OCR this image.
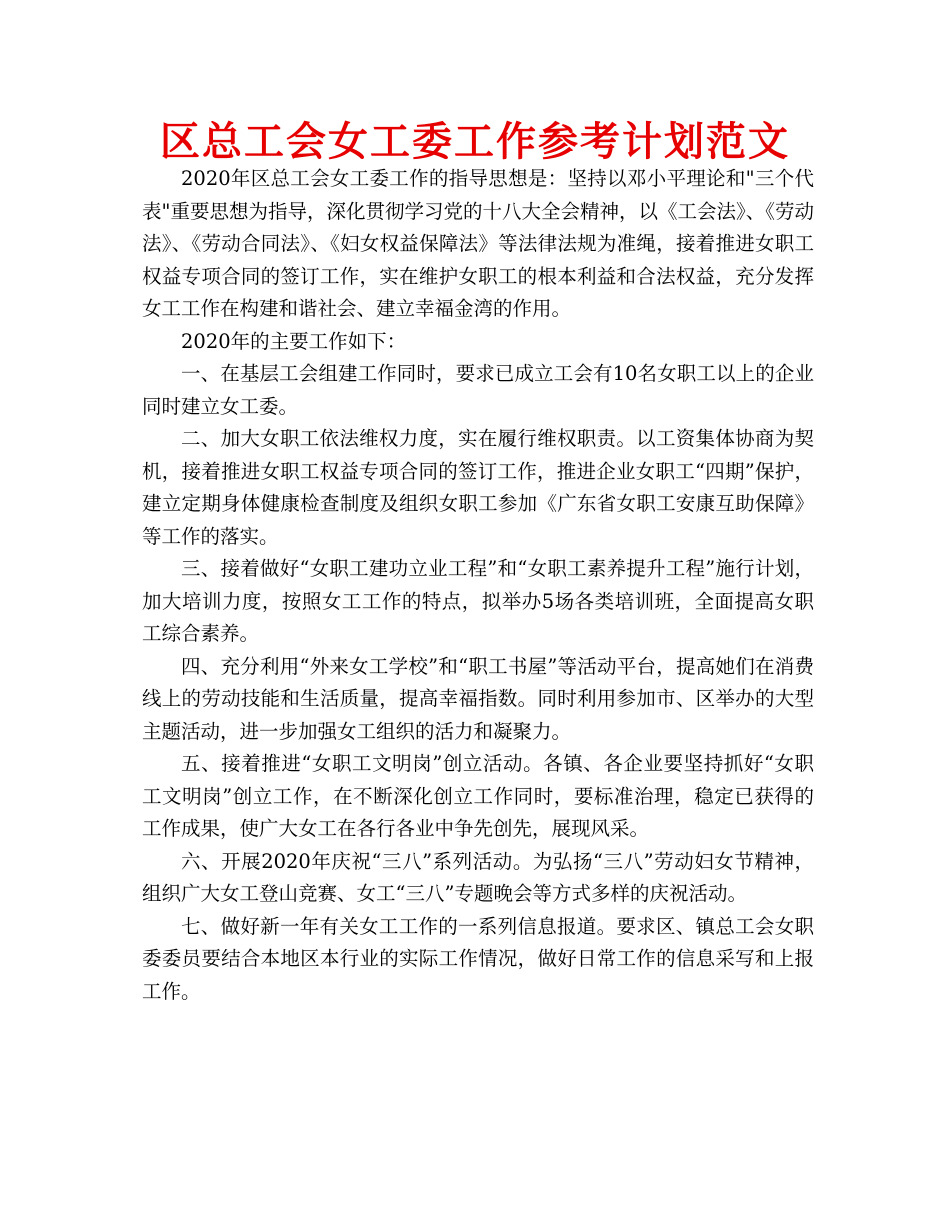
区总工会女工委工作参考计划范文

2020年区总工会女工委工作的指导思想是：坚持以邓小平理论和"三个代表"重要思想为指导，深化贯彻学习党的十八大全会精神，以《工会法》、《劳动法》、《劳动合同法》、《妇女权益保障法》等法律法规为准绳，接着推进女职工权益专项合同的签订工作，实在维护女职工的根本利益和合法权益，充分发挥女工工作在构建和谐社会、建立幸福金湾的作用。

2020年的主要工作如下：

一、在基层工会组建工作同时，要求已成立工会有10名女职工以上的企业同时建立女工委。

二、加大女职工依法维权力度，实在履行维权职责。以工资集体协商为契机，接着推进女职工权益专项合同的签订工作，推进企业女职工“四期”保护，建立定期身体健康检查制度及组织女职工参加《广东省女职工安康互助保障》等工作的落实。

三、接着做好“女职工建功立业工程”和“女职工素养提升工程”施行计划，加大培训力度，按照女工工作的特点，拟举办5场各类培训班，全面提高女职工综合素养。

四、充分利用“外来女工学校”和“职工书屋”等活动平台，提高她们在消费线上的劳动技能和生活质量，提高幸福指数。同时利用参加市、区举办的大型主题活动，进一步加强女工组织的活力和凝聚力。

五、接着推进“女职工文明岗”创立活动。各镇、各企业要坚持抓好“女职工文明岗”创立工作，在不断深化创立工作同时，要标准治理，稳定已获得的工作成果，使广大女工在各行各业中争先创先，展现风采。

六、开展2020年庆祝“三八”系列活动。为弘扬“三八”劳动妇女节精神，组织广大女工登山竞赛、女工“三八”专题晚会等方式多样的庆祝活动。

七、做好新一年有关女工工作的一系列信息报道。要求区、镇总工会女职委委员要结合本地区本行业的实际工作情况，做好日常工作的信息采写和上报工作。
